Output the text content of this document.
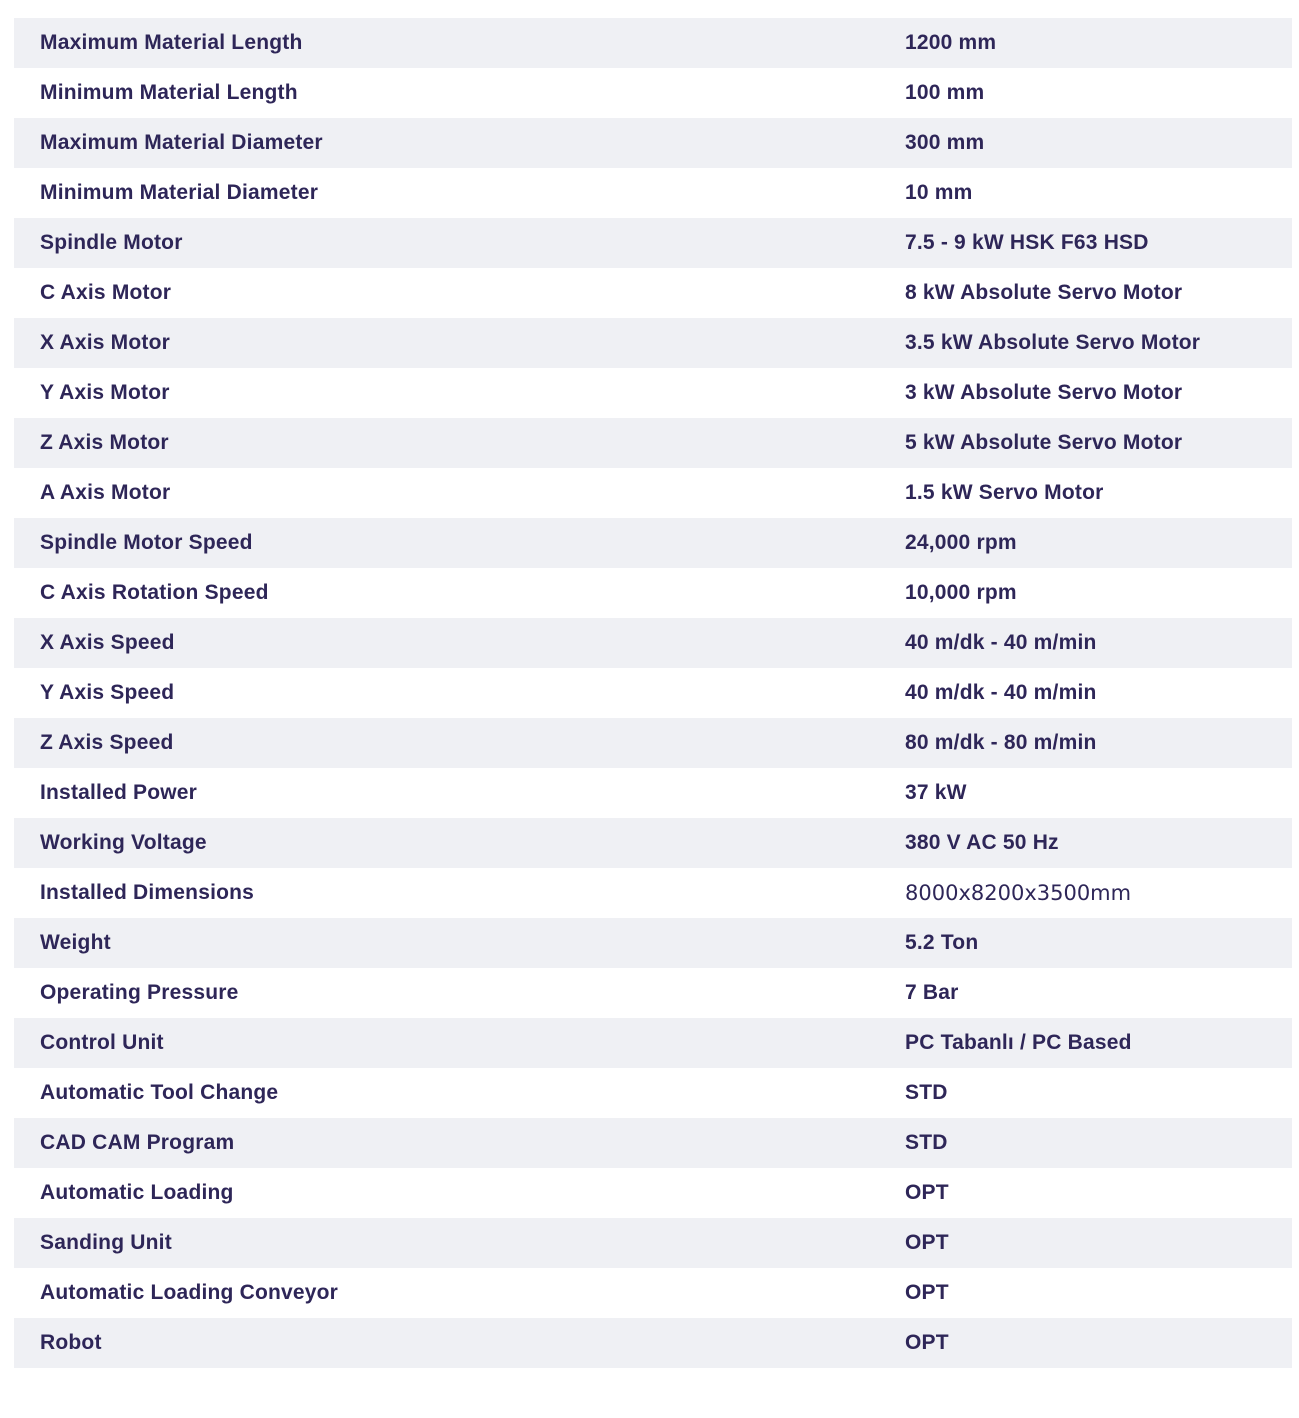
Maximum Material Length	1200 mm
Minimum Material Length	100 mm
Maximum Material Diameter	300 mm
Minimum Material Diameter	10 mm
Spindle Motor	7.5 - 9 kW HSK F63 HSD
C Axis Motor	8 kW Absolute Servo Motor
X Axis Motor	3.5 kW Absolute Servo Motor
Y Axis Motor	3 kW Absolute Servo Motor
Z Axis Motor	5 kW Absolute Servo Motor
A Axis Motor	1.5 kW Servo Motor
Spindle Motor Speed	24,000 rpm
C Axis Rotation Speed	10,000 rpm
X Axis Speed	40 m/dk - 40 m/min
Y Axis Speed	40 m/dk - 40 m/min
Z Axis Speed	80 m/dk - 80 m/min
Installed Power	37 kW
Working Voltage	380 V AC 50 Hz
Installed Dimensions	8000x8200x3500mm
Weight	5.2 Ton
Operating Pressure	7 Bar
Control Unit	PC Tabanlı / PC Based
Automatic Tool Change	STD
CAD CAM Program	STD
Automatic Loading	OPT
Sanding Unit	OPT
Automatic Loading Conveyor	OPT
Robot	OPT
